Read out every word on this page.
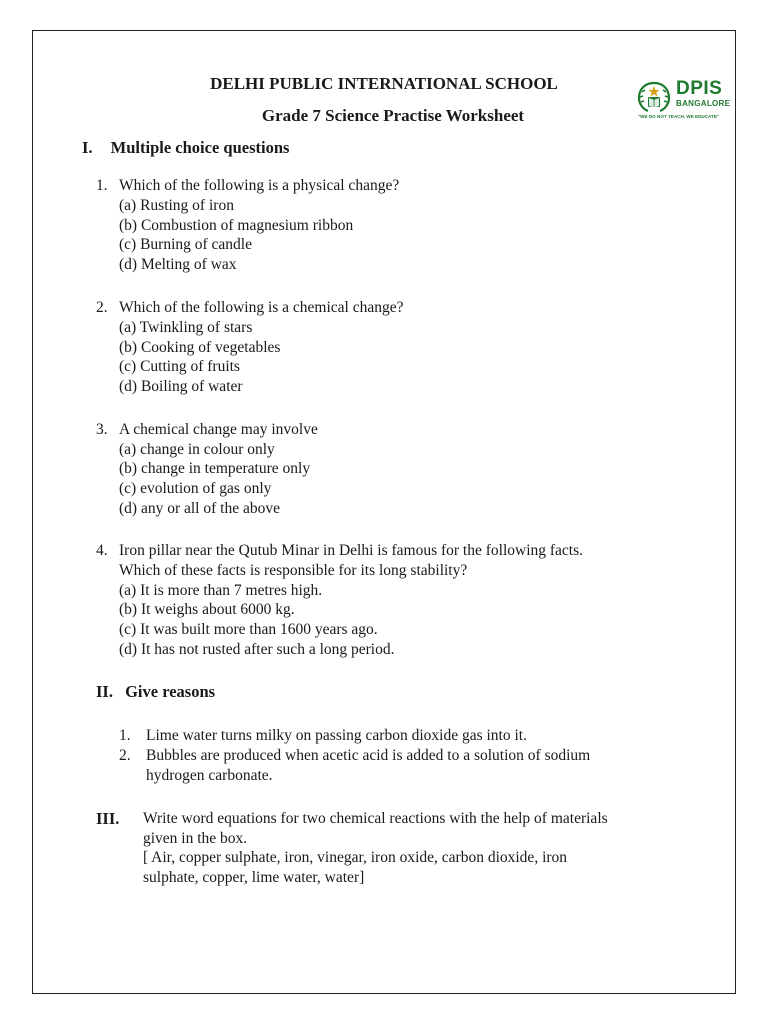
DELHI PUBLIC INTERNATIONAL SCHOOL
Grade 7 Science Practise Worksheet
DPIS
BANGALORE
"WE DO NOT TEACH, WE EDUCATE"
I. Multiple choice questions
1. Which of the following is a physical change?
(a) Rusting of iron
(b) Combustion of magnesium ribbon
(c) Burning of candle
(d) Melting of wax
2. Which of the following is a chemical change?
(a) Twinkling of stars
(b) Cooking of vegetables
(c) Cutting of fruits
(d) Boiling of water
3. A chemical change may involve
(a) change in colour only
(b) change in temperature only
(c) evolution of gas only
(d) any or all of the above
4. Iron pillar near the Qutub Minar in Delhi is famous for the following facts.
Which of these facts is responsible for its long stability?
(a) It is more than 7 metres high.
(b) It weighs about 6000 kg.
(c) It was built more than 1600 years ago.
(d) It has not rusted after such a long period.
II. Give reasons
1. Lime water turns milky on passing carbon dioxide gas into it.
2. Bubbles are produced when acetic acid is added to a solution of sodium
hydrogen carbonate.
III. Write word equations for two chemical reactions with the help of materials
given in the box.
[ Air, copper sulphate, iron, vinegar, iron oxide, carbon dioxide, iron
sulphate, copper, lime water, water]
